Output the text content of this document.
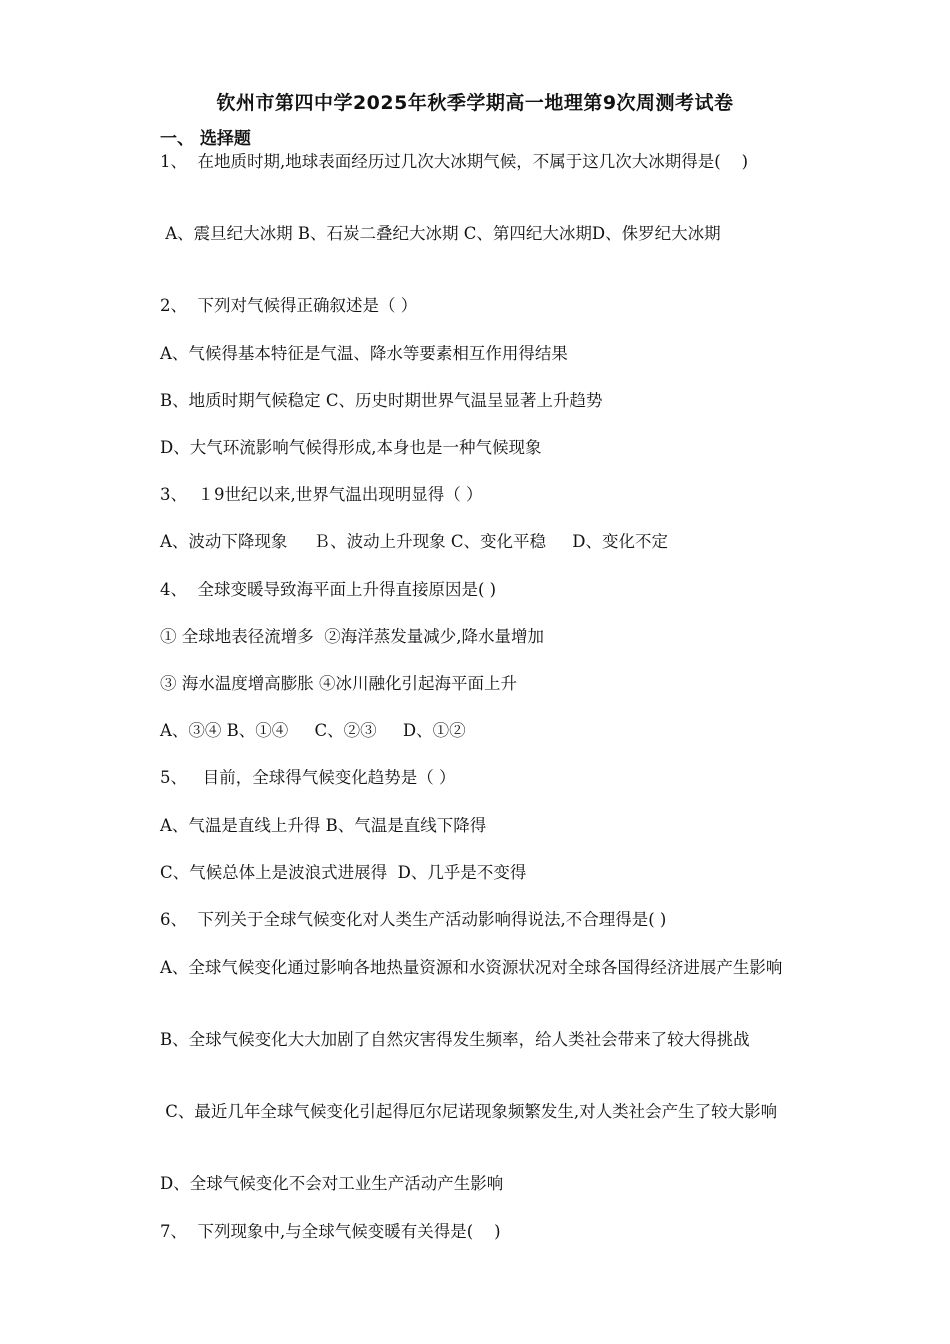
钦州市第四中学2025年秋季学期高一地理第9次周测考试卷
一、 选择题
1、  在地质时期,地球表面经历过几次大冰期气候，不属于这几次大冰期得是(    )
A、震旦纪大冰期 B、石炭二叠纪大冰期 C、第四纪大冰期D、侏罗纪大冰期
2、  下列对气候得正确叙述是（ ）
A、气候得基本特征是气温、降水等要素相互作用得结果
B、地质时期气候稳定 C、历史时期世界气温呈显著上升趋势
D、大气环流影响气候得形成,本身也是一种气候现象
3、  １9世纪以来,世界气温出现明显得（ ）
A、波动下降现象     Ｂ、波动上升现象 C、变化平稳     D、变化不定
4、  全球变暖导致海平面上升得直接原因是( )
① 全球地表径流增多  ②海洋蒸发量减少,降水量增加
③ 海水温度增高膨胀 ④冰川融化引起海平面上升
A、③④ B、①④     C、②③     D、①②
5、   目前，全球得气候变化趋势是（ ）
A、气温是直线上升得 B、气温是直线下降得
C、气候总体上是波浪式进展得  D、几乎是不变得
6、  下列关于全球气候变化对人类生产活动影响得说法,不合理得是( )
A、全球气候变化通过影响各地热量资源和水资源状况对全球各国得经济进展产生影响
B、全球气候变化大大加剧了自然灾害得发生频率，给人类社会带来了较大得挑战
C、最近几年全球气候变化引起得厄尔尼诺现象频繁发生,对人类社会产生了较大影响
D、全球气候变化不会对工业生产活动产生影响
7、  下列现象中,与全球气候变暖有关得是(    )
